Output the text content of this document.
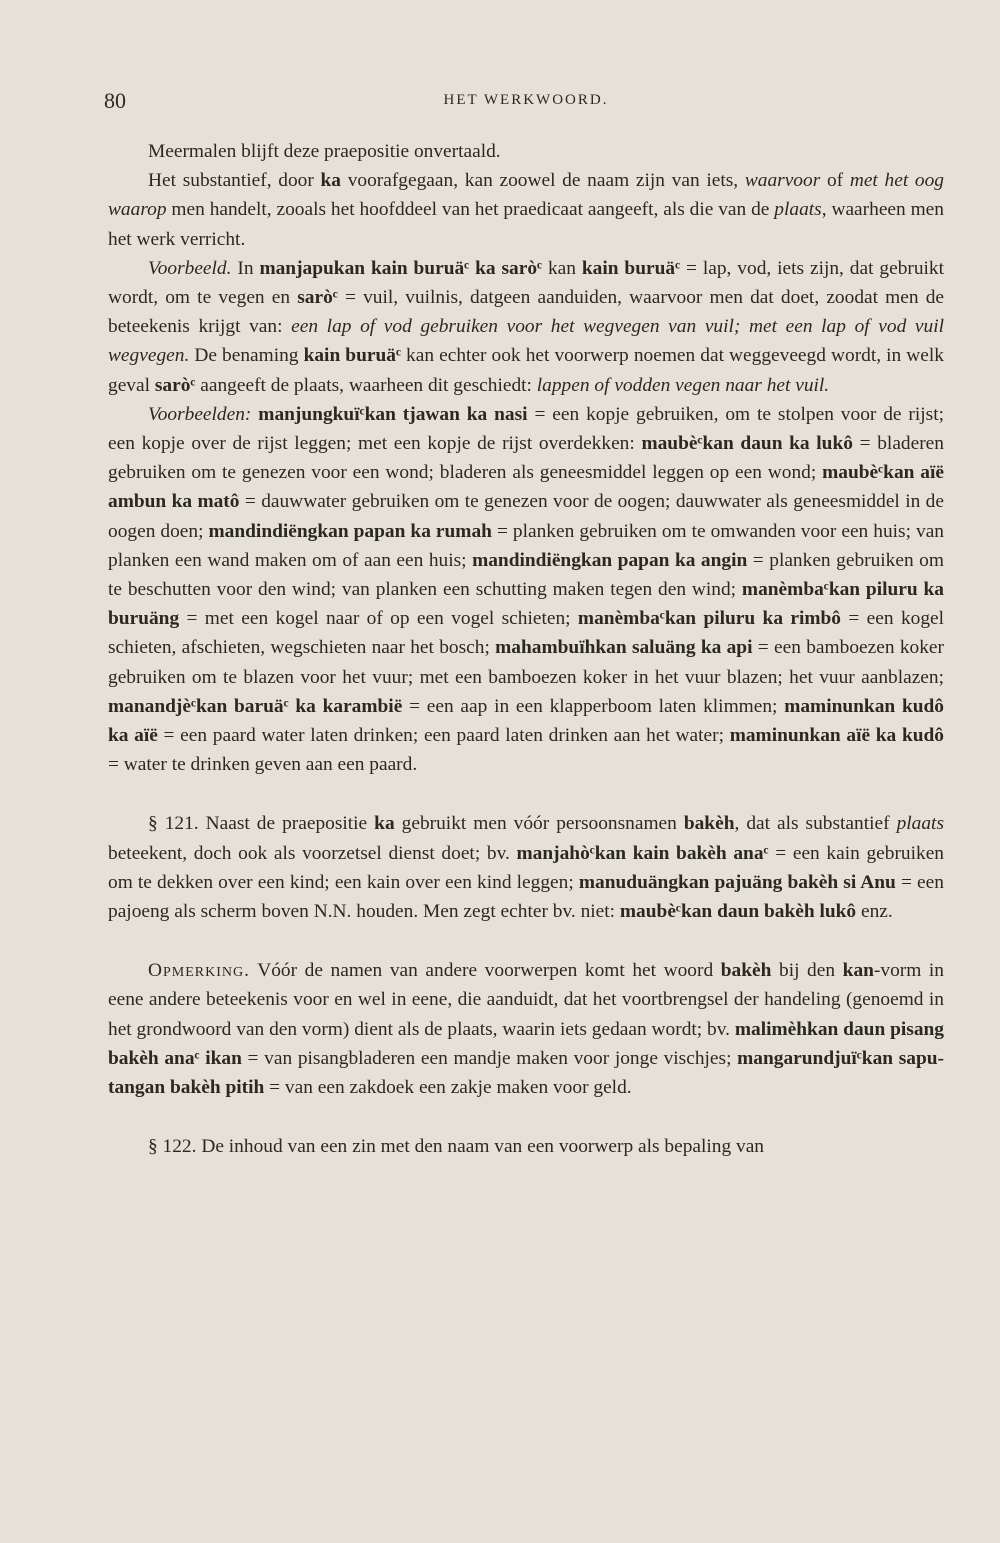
80	HET WERKWOORD.

Meermalen blijft deze praepositie onvertaald.

Het substantief, door ka voorafgegaan, kan zoowel de naam zijn van iets, waarvoor of met het oog waarop men handelt, zooals het hoofddeel van het praedicaat aangeeft, als die van de plaats, waarheen men het werk verricht.

Voorbeeld. In manjapukan kain buruäᶜ ka saròᶜ kan kain buruäᶜ = lap, vod, iets zijn, dat gebruikt wordt, om te vegen en saròᶜ = vuil, vuilnis, datgeen aanduiden, waarvoor men dat doet, zoodat men de beteekenis krijgt van: een lap of vod gebruiken voor het wegvegen van vuil; met een lap of vod vuil wegvegen. De benaming kain buruäᶜ kan echter ook het voorwerp noemen dat weggeveegd wordt, in welk geval saròᶜ aangeeft de plaats, waarheen dit geschiedt: lappen of vodden vegen naar het vuil.

Voorbeelden: manjungkuïᶜkan tjawan ka nasi = een kopje gebruiken, om te stolpen voor de rijst; een kopje over de rijst leggen; met een kopje de rijst overdekken: maubèᶜkan daun ka lukô = bladeren gebruiken om te genezen voor een wond; bladeren als geneesmiddel leggen op een wond; maubèᶜkan aïë ambun ka matô = dauwwater gebruiken om te genezen voor de oogen; dauwwater als geneesmiddel in de oogen doen; mandindiëngkan papan ka rumah = planken gebruiken om te omwanden voor een huis; van planken een wand maken om of aan een huis; mandindiëngkan papan ka angin = planken gebruiken om te beschutten voor den wind; van planken een schutting maken tegen den wind; manèmbaᶜkan piluru ka buruäng = met een kogel naar of op een vogel schieten; manèmbaᶜkan piluru ka rimbô = een kogel schieten, afschieten, wegschieten naar het bosch; mahambuïhkan saluäng ka api = een bamboezen koker gebruiken om te blazen voor het vuur; met een bamboezen koker in het vuur blazen; het vuur aanblazen; manandjèᶜkan baruäᶜ ka karambië = een aap in een klapperboom laten klimmen; maminunkan kudô ka aïë = een paard water laten drinken; een paard laten drinken aan het water; maminunkan aïë ka kudô = water te drinken geven aan een paard.

§ 121. Naast de praepositie ka gebruikt men vóór persoonsnamen bakèh, dat als substantief plaats beteekent, doch ook als voorzetsel dienst doet; bv. manjahòᶜkan kain bakèh anaᶜ = een kain gebruiken om te dekken over een kind; een kain over een kind leggen; manuduängkan pajuäng bakèh si Anu = een pajoeng als scherm boven N.N. houden. Men zegt echter bv. niet: maubèᶜkan daun bakèh lukô enz.

Opmerking. Vóór de namen van andere voorwerpen komt het woord bakèh bij den kan-vorm in eene andere beteekenis voor en wel in eene, die aanduidt, dat het voortbrengsel der handeling (genoemd in het grondwoord van den vorm) dient als de plaats, waarin iets gedaan wordt; bv. malimèhkan daun pisang bakèh anaᶜ ikan = van pisangbladeren een mandje maken voor jonge vischjes; mangarundjuïᶜkan sapu-tangan bakèh pitih = van een zakdoek een zakje maken voor geld.

§ 122. De inhoud van een zin met den naam van een voorwerp als bepaling van
